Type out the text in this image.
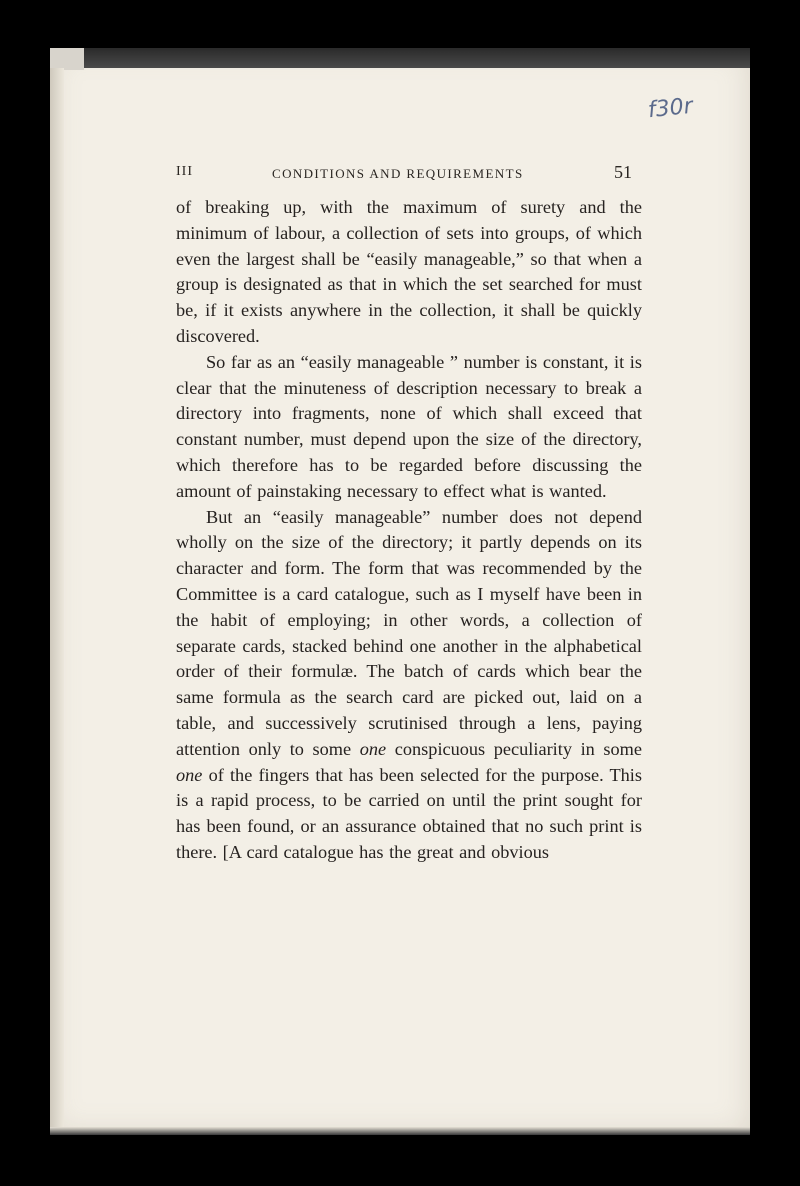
f30r
III	CONDITIONS AND REQUIREMENTS	51

of breaking up, with the maximum of surety and the minimum of labour, a collection of sets into groups, of which even the largest shall be “easily manageable,” so that when a group is designated as that in which the set searched for must be, if it exists anywhere in the collection, it shall be quickly discovered.

So far as an “easily manageable ” number is constant, it is clear that the minuteness of description necessary to break a directory into fragments, none of which shall exceed that constant number, must depend upon the size of the directory, which therefore has to be regarded before discussing the amount of painstaking necessary to effect what is wanted.

But an “easily manageable” number does not depend wholly on the size of the directory; it partly depends on its character and form. The form that was recommended by the Committee is a card catalogue, such as I myself have been in the habit of employing; in other words, a collection of separate cards, stacked behind one another in the alphabetical order of their formulæ. The batch of cards which bear the same formula as the search card are picked out, laid on a table, and successively scrutinised through a lens, paying attention only to some one conspicuous peculiarity in some one of the fingers that has been selected for the purpose. This is a rapid process, to be carried on until the print sought for has been found, or an assurance obtained that no such print is there. [A card catalogue has the great and obvious
